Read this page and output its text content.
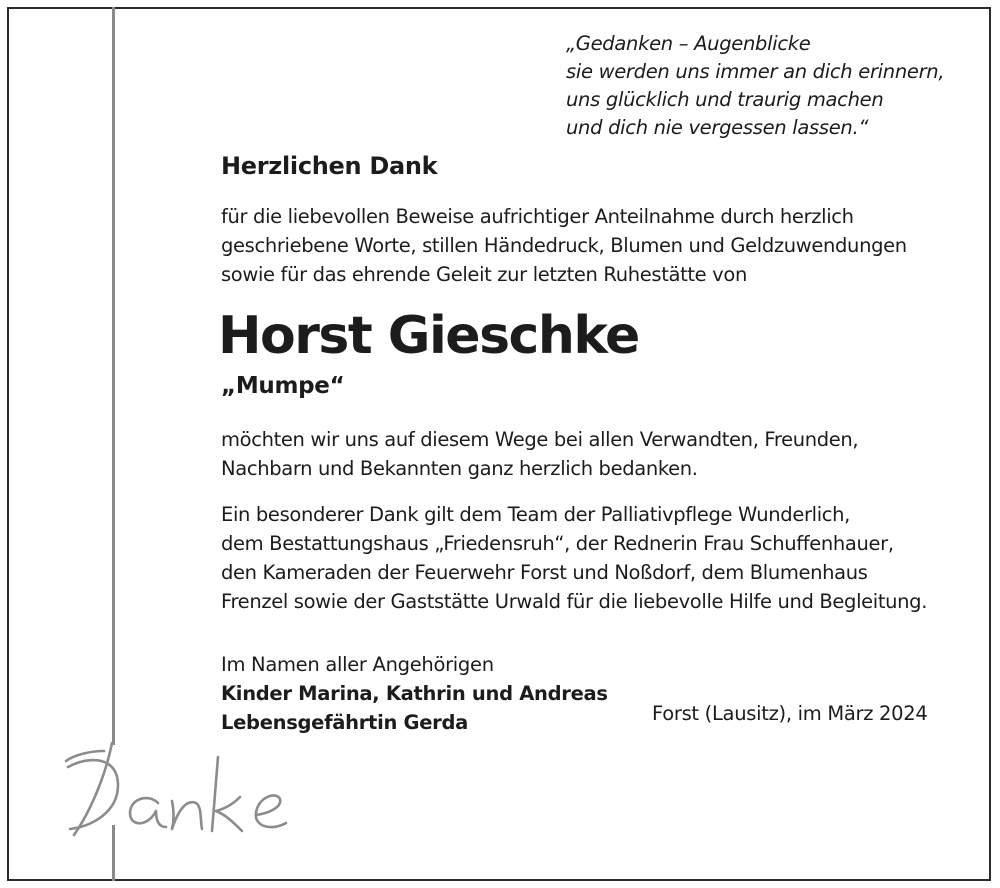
„Gedanken – Augenblicke
sie werden uns immer an dich erinnern,
uns glücklich und traurig machen
und dich nie vergessen lassen.“
Herzlichen Dank
für die liebevollen Beweise aufrichtiger Anteilnahme durch herzlich
geschriebene Worte, stillen Händedruck, Blumen und Geldzuwendungen
sowie für das ehrende Geleit zur letzten Ruhestätte von
Horst Gieschke
„Mumpe“
möchten wir uns auf diesem Wege bei allen Verwandten, Freunden,
Nachbarn und Bekannten ganz herzlich bedanken.
Ein besonderer Dank gilt dem Team der Palliativpflege Wunderlich,
dem Bestattungshaus „Friedensruh“, der Rednerin Frau Schuffenhauer,
den Kameraden der Feuerwehr Forst und Noßdorf, dem Blumenhaus
Frenzel sowie der Gaststätte Urwald für die liebevolle Hilfe und Begleitung.
Im Namen aller Angehörigen
Kinder Marina, Kathrin und Andreas
Lebensgefährtin Gerda	Forst (Lausitz), im März 2024
